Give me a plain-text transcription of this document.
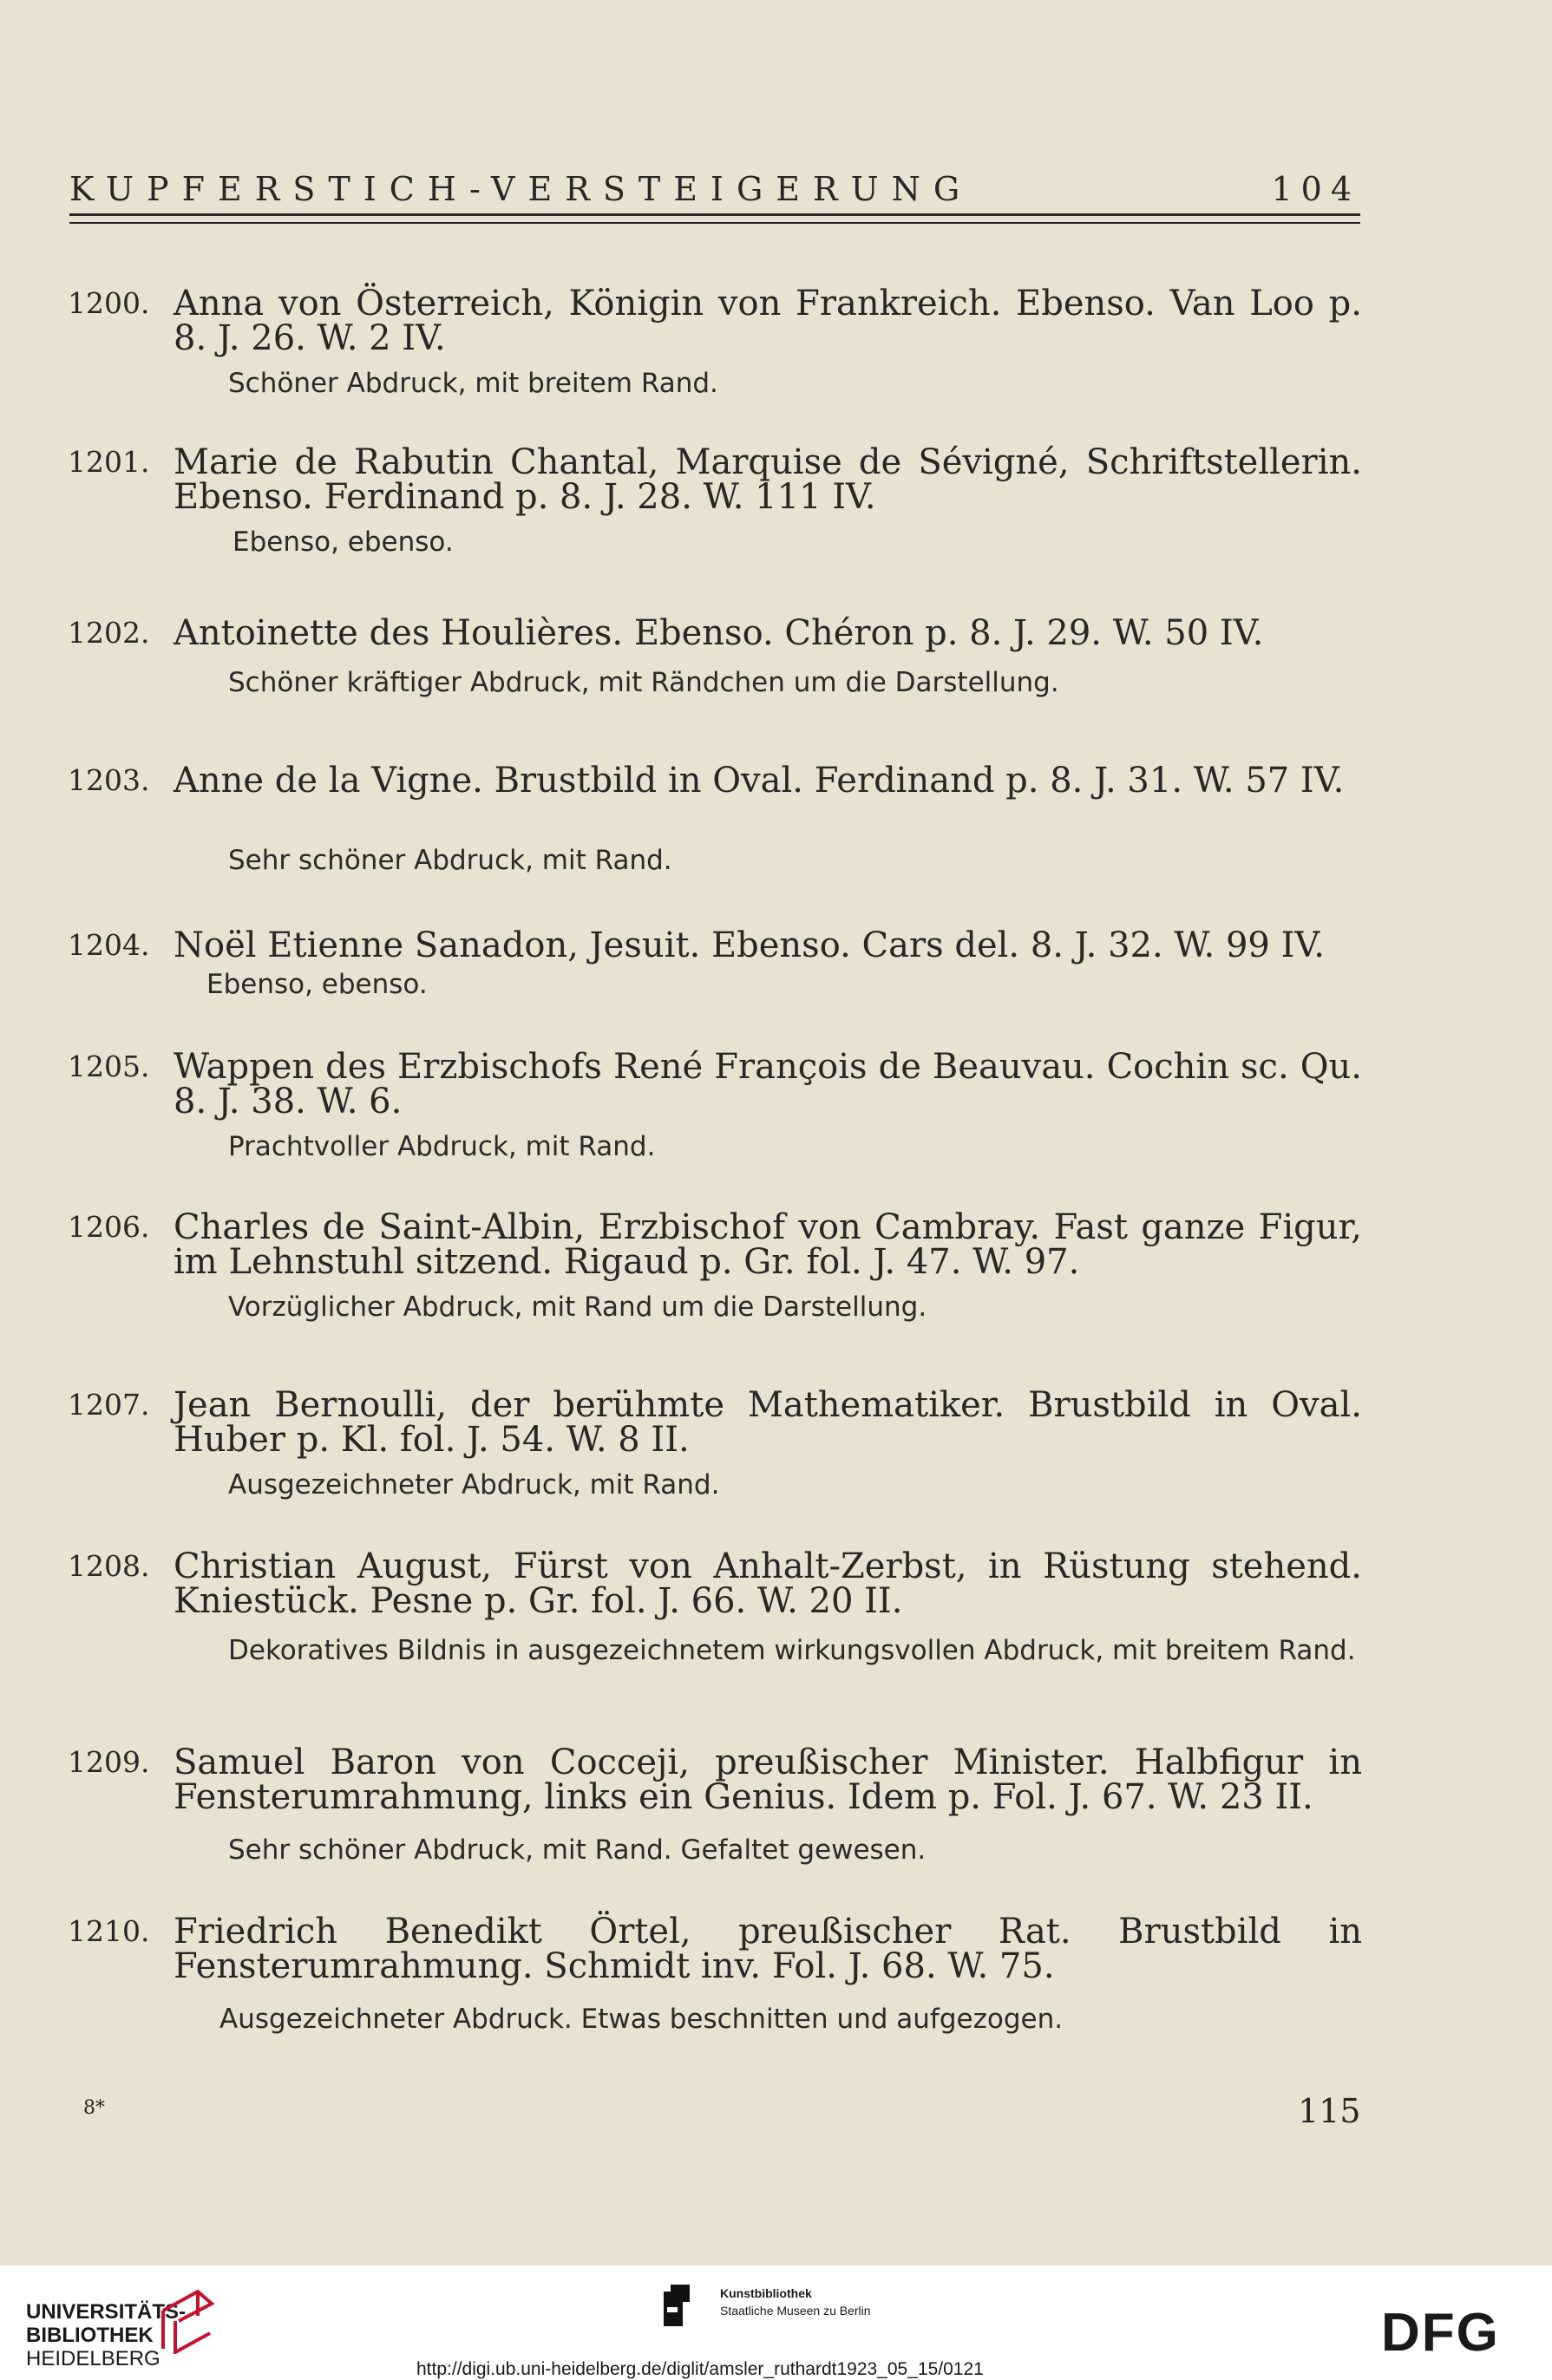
KUPFERSTICH-VERSTEIGERUNG	104
1200. Anna von Österreich, Königin von Frankreich. Ebenso. Van Loo p. 8. J. 26. W. 2 IV.
Schöner Abdruck, mit breitem Rand.
1201. Marie de Rabutin Chantal, Marquise de Sévigné, Schriftstellerin. Ebenso. Ferdinand p. 8. J. 28. W. 111 IV.
Ebenso, ebenso.
1202. Antoinette des Houlières. Ebenso. Chéron p. 8. J. 29. W. 50 IV.
Schöner kräftiger Abdruck, mit Rändchen um die Darstellung.
1203. Anne de la Vigne. Brustbild in Oval. Ferdinand p. 8. J. 31. W. 57 IV.
Sehr schöner Abdruck, mit Rand.
1204. Noël Etienne Sanadon, Jesuit. Ebenso. Cars del. 8. J. 32. W. 99 IV.
Ebenso, ebenso.
1205. Wappen des Erzbischofs René François de Beauvau. Cochin sc. Qu. 8. J. 38. W. 6.
Prachtvoller Abdruck, mit Rand.
1206. Charles de Saint-Albin, Erzbischof von Cambray. Fast ganze Figur, im Lehnstuhl sitzend. Rigaud p. Gr. fol. J. 47. W. 97.
Vorzüglicher Abdruck, mit Rand um die Darstellung.
1207. Jean Bernoulli, der berühmte Mathematiker. Brustbild in Oval. Huber p. Kl. fol. J. 54. W. 8 II.
Ausgezeichneter Abdruck, mit Rand.
1208. Christian August, Fürst von Anhalt-Zerbst, in Rüstung stehend. Kniestück. Pesne p. Gr. fol. J. 66. W. 20 II.
Dekoratives Bildnis in ausgezeichnetem wirkungsvollen Abdruck, mit breitem Rand.
1209. Samuel Baron von Cocceji, preußischer Minister. Halbfigur in Fensterumrahmung, links ein Genius. Idem p. Fol. J. 67. W. 23 II.
Sehr schöner Abdruck, mit Rand. Gefaltet gewesen.
1210. Friedrich Benedikt Örtel, preußischer Rat. Brustbild in Fensterumrahmung. Schmidt inv. Fol. J. 68. W. 75.
Ausgezeichneter Abdruck. Etwas beschnitten und aufgezogen.
8*	115
UNIVERSITÄTS-
BIBLIOTHEK
HEIDELBERG
Kunstbibliothek
Staatliche Museen zu Berlin	DFG
http://digi.ub.uni-heidelberg.de/diglit/amsler_ruthardt1923_05_15/0121
